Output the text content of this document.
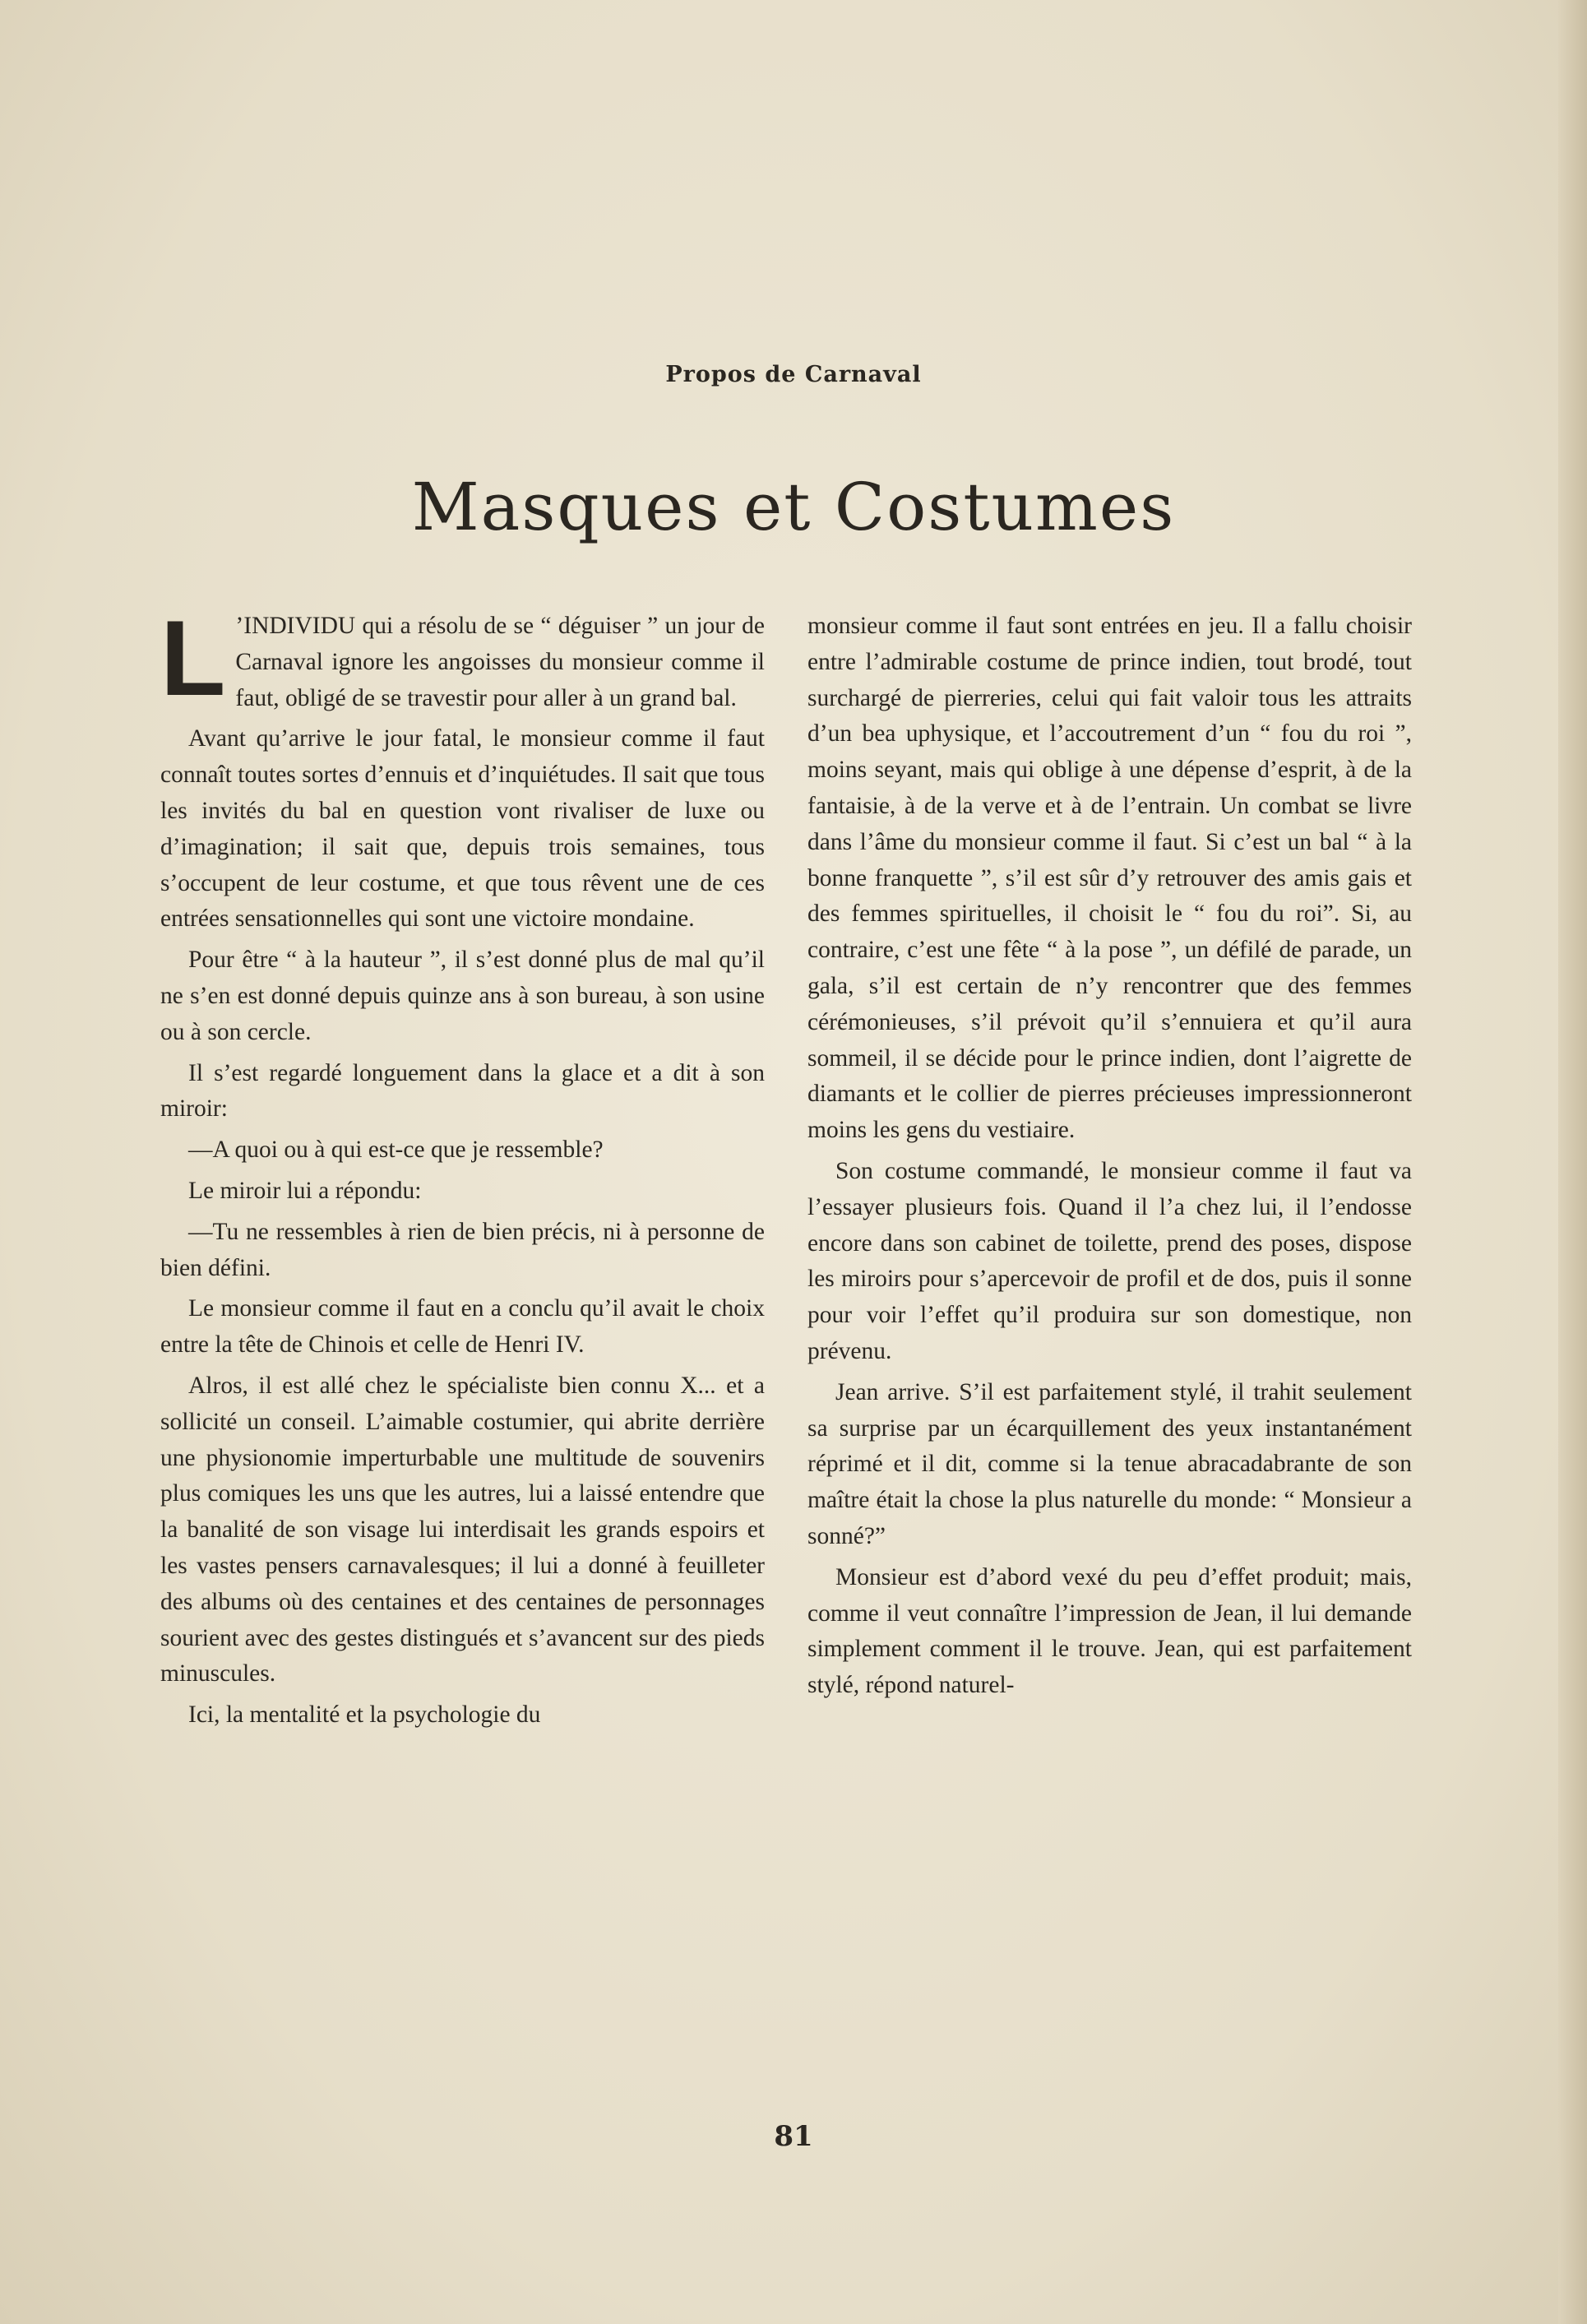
Propos de Carnaval
Masques et Costumes

L ’INDIVIDU qui a résolu de se “ déguiser ” un jour de Carnaval ignore les angoisses du monsieur comme il faut, obligé de se travestir pour aller à un grand bal.

Avant qu’arrive le jour fatal, le monsieur comme il faut connaît toutes sortes d’ennuis et d’inquiétudes. Il sait que tous les invités du bal en question vont rivaliser de luxe ou d’imagination; il sait que, depuis trois semaines, tous s’occupent de leur costume, et que tous rêvent une de ces entrées sensationnelles qui sont une victoire mondaine.

Pour être “ à la hauteur ”, il s’est donné plus de mal qu’il ne s’en est donné depuis quinze ans à son bureau, à son usine ou à son cercle.

Il s’est regardé longuement dans la glace et a dit à son miroir:

—A quoi ou à qui est-ce que je ressemble?

Le miroir lui a répondu:

—Tu ne ressembles à rien de bien précis, ni à personne de bien défini.

Le monsieur comme il faut en a conclu qu’il avait le choix entre la tête de Chinois et celle de Henri IV.

Alros, il est allé chez le spécialiste bien connu X... et a sollicité un conseil. L’aimable costumier, qui abrite derrière une physionomie imperturbable une multitude de souvenirs plus comiques les uns que les autres, lui a laissé entendre que la banalité de son visage lui interdisait les grands espoirs et les vastes pensers carnavalesques; il lui a donné à feuilleter des albums où des centaines et des centaines de personnages sourient avec des gestes distingués et s’avancent sur des pieds minuscules.

Ici, la mentalité et la psychologie du

monsieur comme il faut sont entrées en jeu. Il a fallu choisir entre l’admirable costume de prince indien, tout brodé, tout surchargé de pierreries, celui qui fait valoir tous les attraits d’un bea uphysique, et l’accoutrement d’un “ fou du roi ”, moins seyant, mais qui oblige à une dépense d’esprit, à de la fantaisie, à de la verve et à de l’entrain. Un combat se livre dans l’âme du monsieur comme il faut. Si c’est un bal “ à la bonne franquette ”, s’il est sûr d’y retrouver des amis gais et des femmes spirituelles, il choisit le “ fou du roi”. Si, au contraire, c’est une fête “ à la pose ”, un défilé de parade, un gala, s’il est certain de n’y rencontrer que des femmes cérémonieuses, s’il prévoit qu’il s’ennuiera et qu’il aura sommeil, il se décide pour le prince indien, dont l’aigrette de diamants et le collier de pierres précieuses impressionneront moins les gens du vestiaire.

Son costume commandé, le monsieur comme il faut va l’essayer plusieurs fois. Quand il l’a chez lui, il l’endosse encore dans son cabinet de toilette, prend des poses, dispose les miroirs pour s’apercevoir de profil et de dos, puis il sonne pour voir l’effet qu’il produira sur son domestique, non prévenu.

Jean arrive. S’il est parfaitement stylé, il trahit seulement sa surprise par un écarquillement des yeux instantanément réprimé et il dit, comme si la tenue abracadabrante de son maître était la chose la plus naturelle du monde: “ Monsieur a sonné?”

Monsieur est d’abord vexé du peu d’effet produit; mais, comme il veut connaître l’impression de Jean, il lui demande simplement comment il le trouve. Jean, qui est parfaitement stylé, répond naturel-

81
